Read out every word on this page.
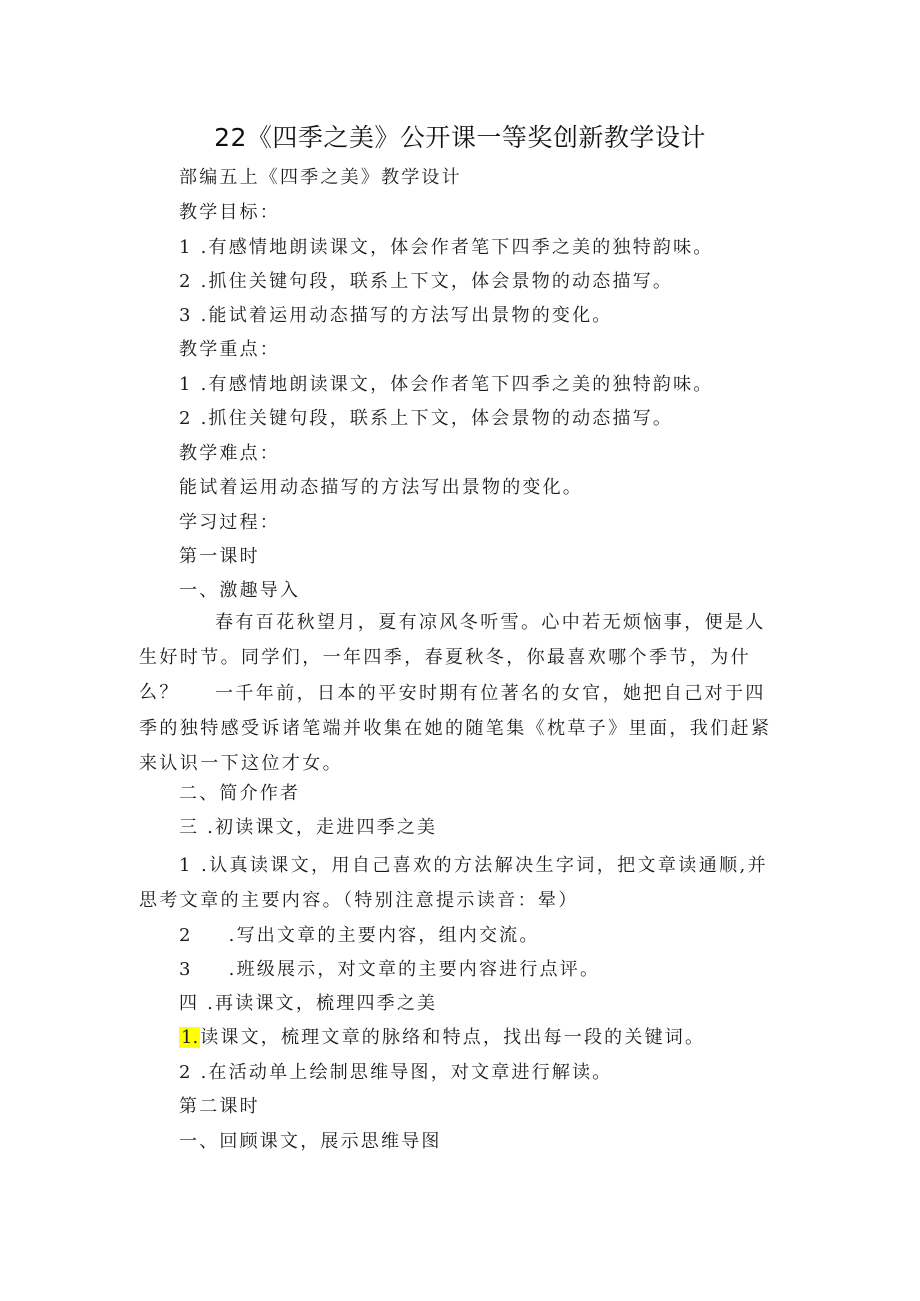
22《四季之美》公开课一等奖创新教学设计
部编五上《四季之美》教学设计
教学目标：
1 .有感情地朗读课文，体会作者笔下四季之美的独特韵味。
2 .抓住关键句段，联系上下文，体会景物的动态描写。
3 .能试着运用动态描写的方法写出景物的变化。
教学重点：
1 .有感情地朗读课文，体会作者笔下四季之美的独特韵味。
2 .抓住关键句段，联系上下文，体会景物的动态描写。
教学难点：
能试着运用动态描写的方法写出景物的变化。
学习过程：
第一课时
一、激趣导入
春有百花秋望月，夏有凉风冬听雪。心中若无烦恼事，便是人生好时节。同学们，一年四季，春夏秋冬，你最喜欢哪个季节，为什么？	一千年前，日本的平安时期有位著名的女官，她把自己对于四季的独特感受诉诸笔端并收集在她的随笔集《枕草子》里面，我们赶紧来认识一下这位才女。
二、简介作者
三 .初读课文，走进四季之美
1 .认真读课文，用自己喜欢的方法解决生字词，把文章读通顺,并思考文章的主要内容。（特别注意提示读音：晕）
2 .写出文章的主要内容，组内交流。
3 .班级展示，对文章的主要内容进行点评。
四 .再读课文，梳理四季之美
1. 读课文，梳理文章的脉络和特点，找出每一段的关键词。
2 .在活动单上绘制思维导图，对文章进行解读。
第二课时
一、回顾课文，展示思维导图
